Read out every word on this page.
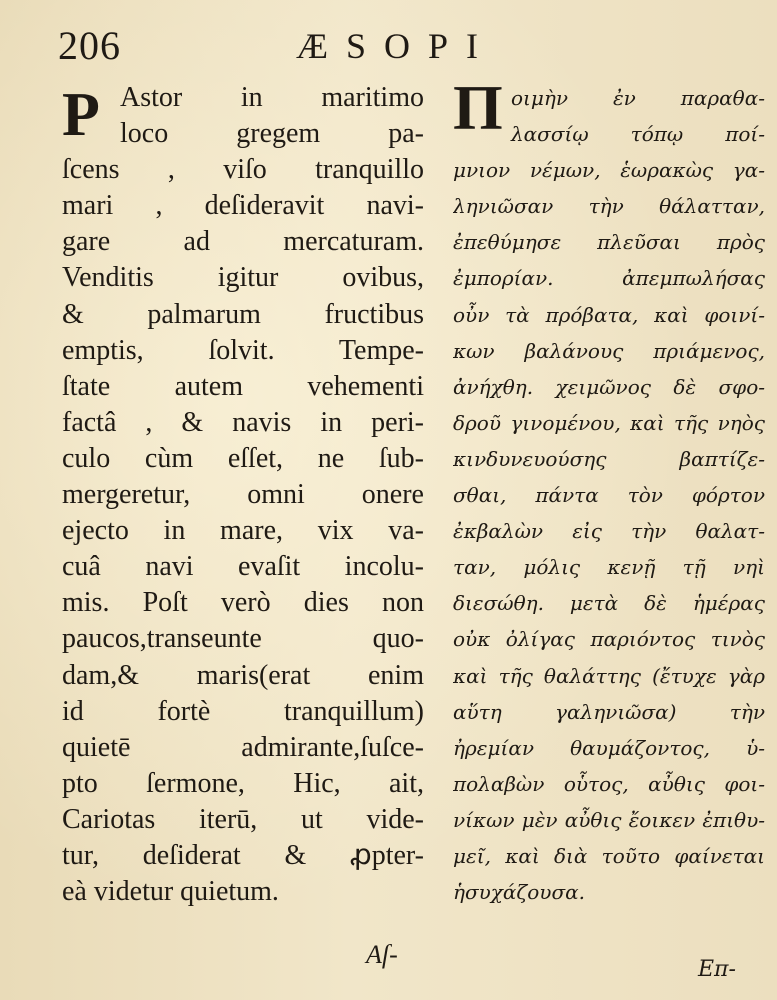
206	ÆSOPI
P Astor in maritimo
loco gregem pa-
ſcens , viſo tranquillo
mari , deſideravit navi-
gare ad mercaturam.
Venditis igitur ovibus,
& palmarum fructibus
emptis, ſolvit. Tempe-
ſtate autem vehementi
factâ , & navis in peri-
culo cùm eſſet, ne ſub-
mergeretur, omni onere
ejecto in mare, vix va-
cuâ navi evaſit incolu-
mis. Poſt verò dies non
paucos,transeunte quo-
dam,& maris(erat enim
id fortè tranquillum)
quietē admirante,ſuſce-
pto ſermone, Hic, ait,
Cariotas iterū, ut vide-
tur, deſiderat & ꝓpter-
eà videtur quietum.
Aſ-
Π οιμὴν ἐν παραθα-
λασσίῳ τόπῳ ποί-
μνιον νέμων, ἑωρακὼς γα-
ληνιῶσαν τὴν θάλατταν,
ἐπεθύμησε πλεῦσαι πρὸς
ἐμπορίαν. ἀπεμπωλήσας
οὖν τὰ πρόβατα, καὶ φοινί-
κων βαλάνους πριάμενος,
ἀνήχθη. χειμῶνος δὲ σφο-
δροῦ γινομένου, καὶ τῆς νηὸς
κινδυνευούσης βαπτίζε-
σθαι, πάντα τὸν φόρτον
ἐκβαλὼν εἰς τὴν θαλατ-
ταν, μόλις κενῇ τῇ νηὶ
διεσώθη. μετὰ δὲ ἡμέρας
οὐκ ὀλίγας παριόντος τινὸς
καὶ τῆς θαλάττης (ἔτυχε γὰρ
αὕτη γαληνιῶσα) τὴν
ἠρεμίαν θαυμάζοντος, ὑ-
πολαβὼν οὗτος, αὖθις φοι-
νίκων μὲν αὖθις ἔοικεν ἐπιθυ-
μεῖ, καὶ διὰ τοῦτο φαίνεται
ἡσυχάζουσα.
Επ-
